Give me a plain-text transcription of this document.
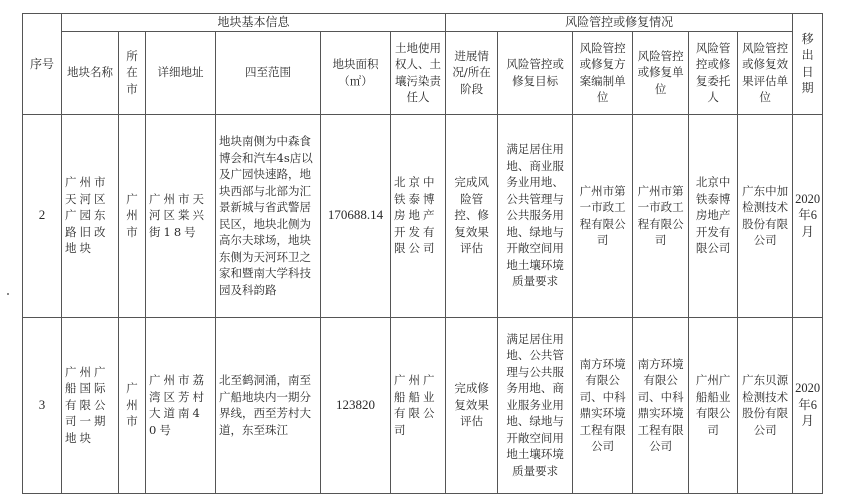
序号	地块基本信息						风险管控或修复情况						移出日期
	地块名称	所在市	详细地址	四至范围	地块面积（㎡）	土地使用权人、土壤污染责任人	进展情况/所在阶段	风险管控或修复目标	风险管控或修复方案编制单位	风险管控或修复单位	风险管控或修复委托人	风险管控或修复效果评估单位	
2	广州市天河区广园东路旧改地块	广州市	广州市天河区棠兴街18号	地块南侧为中森食博会和汽车4s店以及广园快速路，地块西部与北部为汇景新城与省武警居民区，地块北侧为高尔夫球场，地块东侧为天河环卫之家和暨南大学科技园及科韵路	170688.14	北京中铁泰博房地产开发有限公司	完成风险管控、修复效果评估	满足居住用地、商业服务业用地、公共管理与公共服务用地、绿地与开敞空间用地土壤环境质量要求	广州市第一市政工程有限公司	广州市第一市政工程有限公司	北京中铁泰博房地产开发有限公司	广东中加检测技术股份有限公司	2020年6月
3	广州广船国际有限公司一期地块	广州市	广州市荔湾区芳村大道南40号	北至鹤洞涌，南至广船地块内一期分界线，西至芳村大道，东至珠江	123820	广州广船船业有限公司	完成修复效果评估	满足居住用地、公共管理与公共服务用地、商业服务业用地、绿地与开敞空间用地土壤环境质量要求	南方环境有限公司、中科鼎实环境工程有限公司	南方环境有限公司、中科鼎实环境工程有限公司	广州广船船业有限公司	广东贝源检测技术股份有限公司	2020年6月
